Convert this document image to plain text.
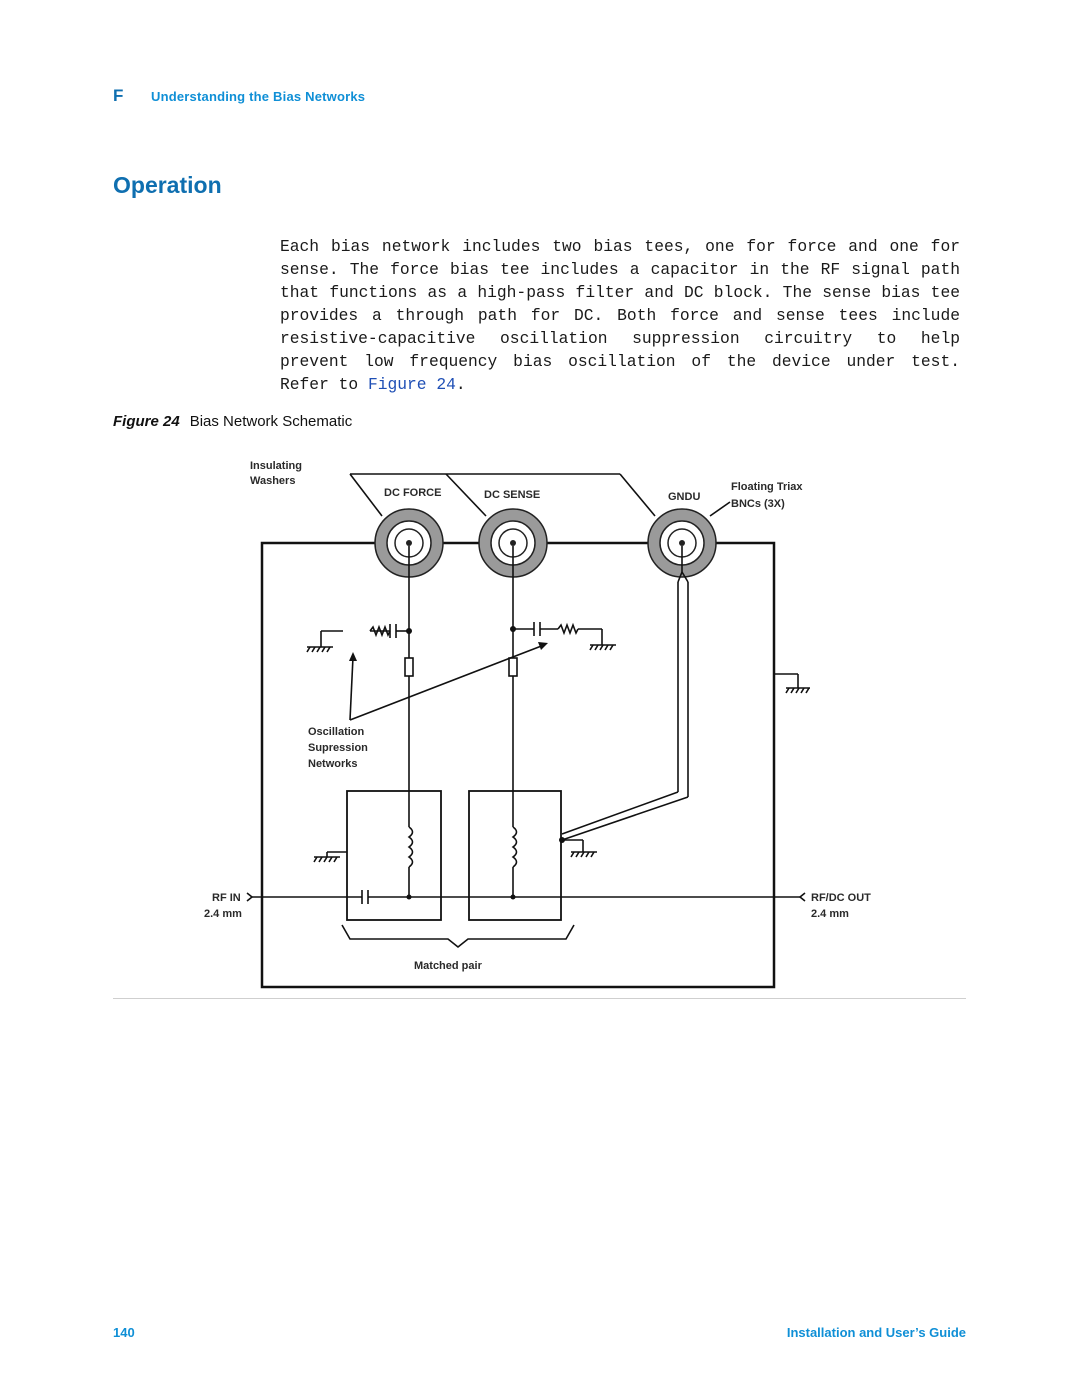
F	Understanding the Bias Networks
Operation

Each bias network includes two bias tees, one for force and one for sense. The force bias tee includes a capacitor in the RF signal path that functions as a high-pass filter and DC block. The sense bias tee provides a through path for DC. Both force and sense tees include resistive-capacitive oscillation suppression circuitry to help prevent low frequency bias oscillation of the device under test. Refer to Figure 24.

Figure 24 Bias Network Schematic
Insulating
Washers
DC FORCE	DC SENSE	GNDU
Floating Triax
BNCs (3X)
Oscillation
Supression
Networks
RF IN
2.4 mm
RF/DC OUT
2.4 mm
Matched pair
140	Installation and User’s Guide
